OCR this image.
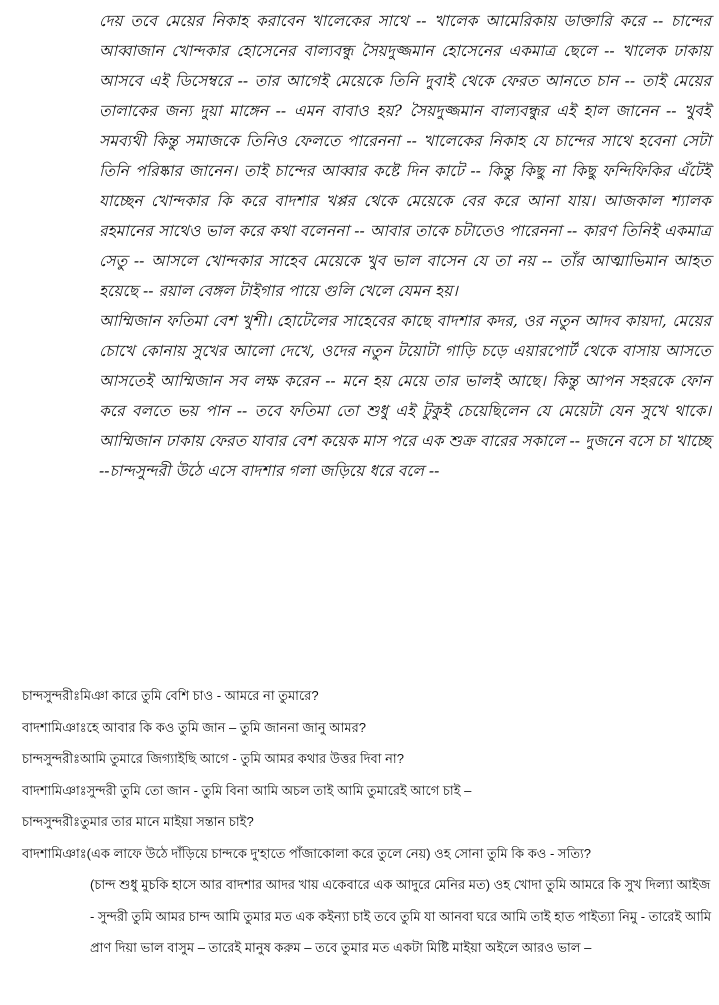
দেয় তবে মেয়ের নিকাহ করাবেন খালেকের সাথে -- খালেক আমেরিকায় ডাক্তারি করে -- চান্দের আব্বাজান খোন্দকার হোসেনের বাল্যবন্ধু সৈয়দুজ্জমান হোসেনের একমাত্র ছেলে -- খালেক ঢাকায় আসবে এই ডিসেম্বরে -- তার আগেই মেয়েকে তিনি দুবাই থেকে ফেরত আনতে চান -- তাই মেয়ের তালাকের জন্য দুয়া মাঙ্গেন -- এমন বাবাও হয়? সৈয়দুজ্জমান বাল্যবন্ধুর এই হাল জানেন -- খুবই সমব্যথী কিন্তু সমাজকে তিনিও ফেলতে পারেননা -- খালেকের নিকাহ যে চান্দের সাথে হবেনা সেটা তিনি পরিষ্কার জানেন। তাই চান্দের আব্বার কষ্টে দিন কাটে -- কিন্তু কিছু না কিছু ফন্দিফিকির এঁটেই যাচ্ছেন খোন্দকার কি করে বাদশার খপ্পর থেকে মেয়েকে বের করে আনা যায়। আজকাল শ্যালক রহমানের সাথেও ভাল করে কথা বলেননা -- আবার তাকে চটাতেও পারেননা -- কারণ তিনিই একমাত্র সেতু -- আসলে খোন্দকার সাহেব মেয়েকে খুব ভাল বাসেন যে তা নয় -- তাঁর আত্মাভিমান আহত হয়েছে -- রয়াল বেঙ্গল টাইগার পায়ে গুলি খেলে যেমন হয়।

আম্মিজান ফতিমা বেশ খুশী। হোটেলের সাহেবের কাছে বাদশার কদর, ওর নতুন আদব কায়দা, মেয়ের চোখে কোনায় সুখের আলো দেখে, ওদের নতুন টয়োটা গাড়ি চড়ে এয়ারপোর্ট থেকে বাসায় আসতে আসতেই আম্মিজান সব লক্ষ করেন -- মনে হয় মেয়ে তার ভালই আছে। কিন্তু আপন সহরকে ফোন করে বলতে ভয় পান -- তবে ফতিমা তো শুধু এই টুকুই চেয়েছিলেন যে মেয়েটা যেন সুখে থাকে। আম্মিজান ঢাকায় ফেরত যাবার বেশ কয়েক মাস পরে এক শুক্র বারের সকালে -- দুজনে বসে চা খাচ্ছে --চান্দসুন্দরী উঠে এসে বাদশার গলা জড়িয়ে ধরে বলে --

চান্দসুন্দরীঃমিঞা কারে তুমি বেশি চাও - আমরে না তুমারে?
বাদশামিঞাঃহে আবার কি কও তুমি জান – তুমি জাননা জানু আমর?
চান্দসুন্দরীঃআমি তুমারে জিগ্যাইছি আগে - তুমি আমর কথার উত্তর দিবা না?
বাদশামিঞাঃসুন্দরী তুমি তো জান - তুমি বিনা আমি অচল তাই আমি তুমারেই আগে চাই –
চান্দসুন্দরীঃতুমার তার মানে মাইয়া সন্তান চাই?
বাদশামিঞাঃ(এক লাফে উঠে দাঁড়িয়ে চান্দকে দু'হাতে পাঁজাকোলা করে তুলে নেয়) ওহ সোনা তুমি কি কও - সত্যি?

(চান্দ শুধু মুচকি হাসে আর বাদশার আদর খায় একেবারে এক আদুরে মেনির মত) ওহ খোদা তুমি আমরে কি সুখ দিল্যা আইজ - সুন্দরী তুমি আমর চান্দ আমি তুমার মত এক কইন্যা চাই তবে তুমি যা আনবা ঘরে আমি তাই হাত পাইত্যা নিমু - তারেই আমি প্রাণ দিয়া ভাল বাসুম – তারেই মানুষ করুম – তবে তুমার মত একটা মিষ্টি মাইয়া অইলে আরও ভাল –
